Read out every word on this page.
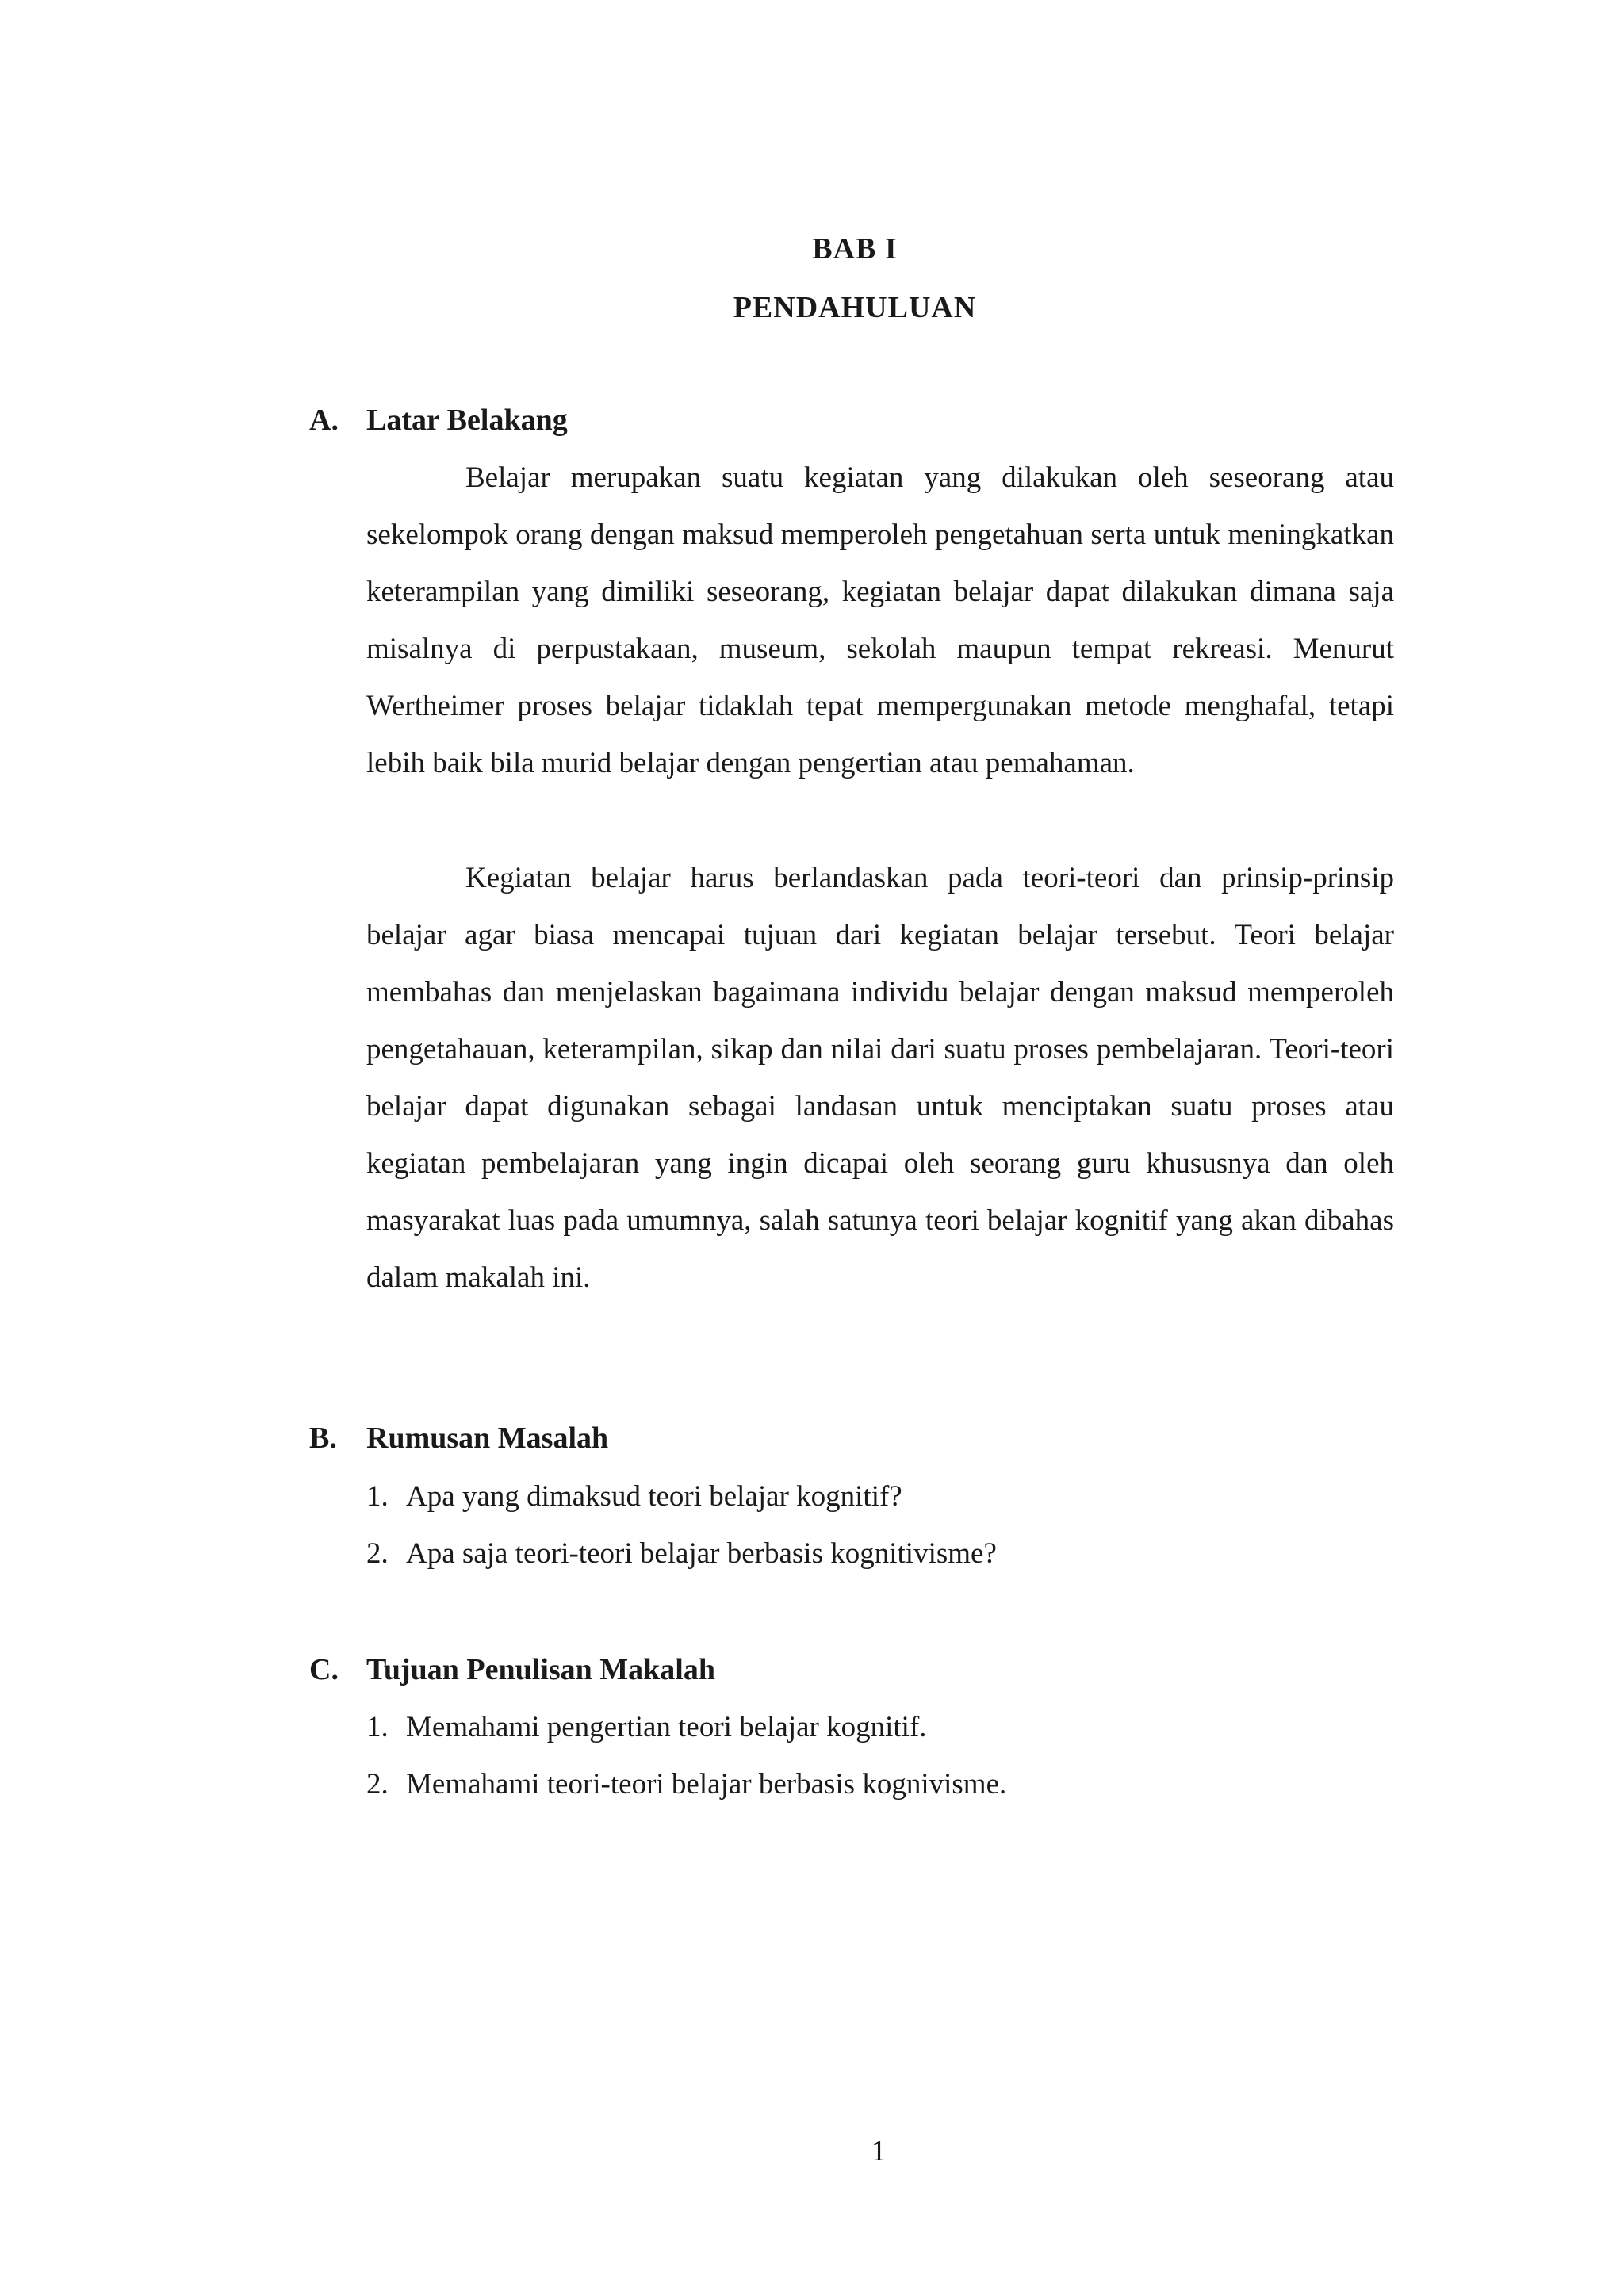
BAB I
PENDAHULUAN
A. Latar Belakang

Belajar merupakan suatu kegiatan yang dilakukan oleh seseorang atau sekelompok orang dengan maksud memperoleh pengetahuan serta untuk meningkatkan keterampilan yang dimiliki seseorang, kegiatan belajar dapat dilakukan dimana saja misalnya di perpustakaan, museum, sekolah maupun tempat rekreasi. Menurut Wertheimer proses belajar tidaklah tepat mempergunakan metode menghafal, tetapi lebih baik bila murid belajar dengan pengertian atau pemahaman.

Kegiatan belajar harus berlandaskan pada teori-teori dan prinsip-prinsip belajar agar biasa mencapai tujuan dari kegiatan belajar tersebut. Teori belajar membahas dan menjelaskan bagaimana individu belajar dengan maksud memperoleh pengetahauan, keterampilan, sikap dan nilai dari suatu proses pembelajaran. Teori-teori belajar dapat digunakan sebagai landasan untuk menciptakan suatu proses atau kegiatan pembelajaran yang ingin dicapai oleh seorang guru khususnya dan oleh masyarakat luas pada umumnya, salah satunya teori belajar kognitif yang akan dibahas dalam makalah ini.

B. Rumusan Masalah
1. Apa yang dimaksud teori belajar kognitif?
2. Apa saja teori-teori belajar berbasis kognitivisme?
C. Tujuan Penulisan Makalah
1. Memahami pengertian teori belajar kognitif.
2. Memahami teori-teori belajar berbasis kognivisme.
1
